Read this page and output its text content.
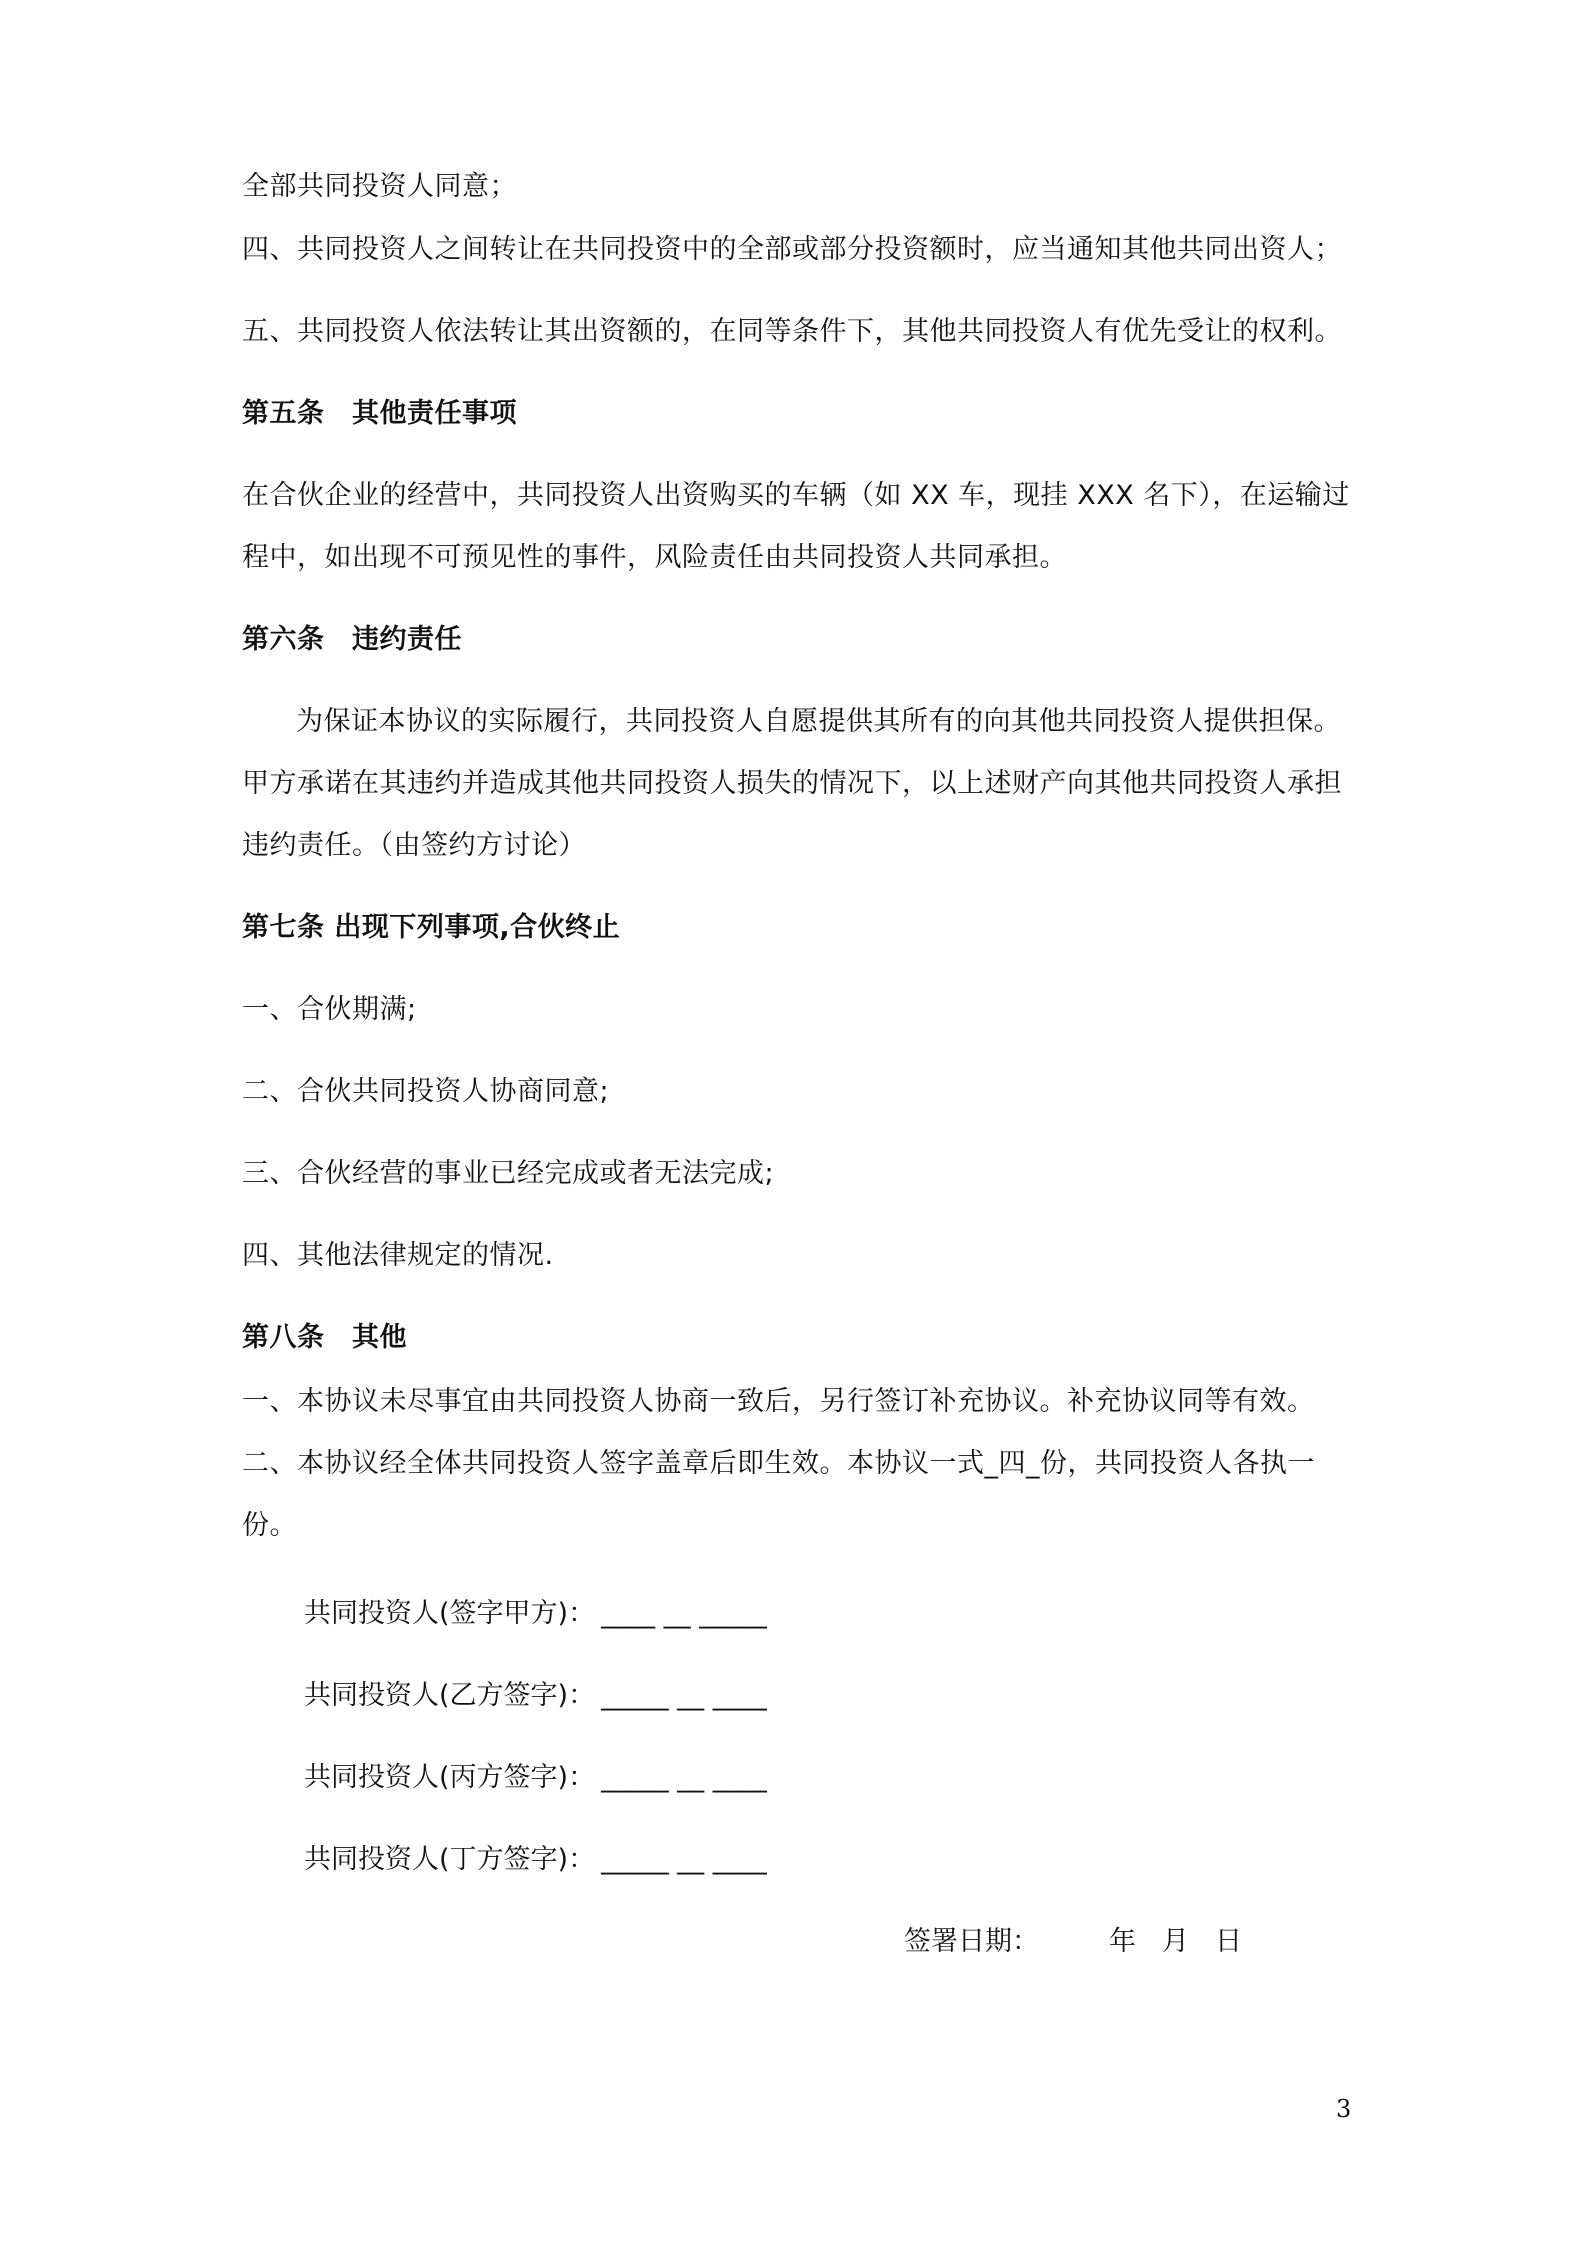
全部共同投资人同意；
四、共同投资人之间转让在共同投资中的全部或部分投资额时，应当通知其他共同出资人；
五、共同投资人依法转让其出资额的，在同等条件下，其他共同投资人有优先受让的权利。
第五条　其他责任事项
在合伙企业的经营中，共同投资人出资购买的车辆（如 XX 车，现挂 XXX 名下），在运输过
程中，如出现不可预见性的事件，风险责任由共同投资人共同承担。
第六条　违约责任
为保证本协议的实际履行，共同投资人自愿提供其所有的向其他共同投资人提供担保。
甲方承诺在其违约并造成其他共同投资人损失的情况下，以上述财产向其他共同投资人承担
违约责任。（由签约方讨论）
第七条 出现下列事项,合伙终止
一、合伙期满;
二、合伙共同投资人协商同意;
三、合伙经营的事业已经完成或者无法完成;
四、其他法律规定的情况.
第八条　其他
一、本协议未尽事宜由共同投资人协商一致后，另行签订补充协议。补充协议同等有效。
二、本协议经全体共同投资人签字盖章后即生效。本协议一式_四_份，共同投资人各执一
份。
共同投资人(签字甲方)： ____ __ _____
共同投资人(乙方签字)： _____ __ ____
共同投资人(丙方签字)： _____ __ ____
共同投资人(丁方签字)： _____ __ ____
签署日期：	年 月 日
3
